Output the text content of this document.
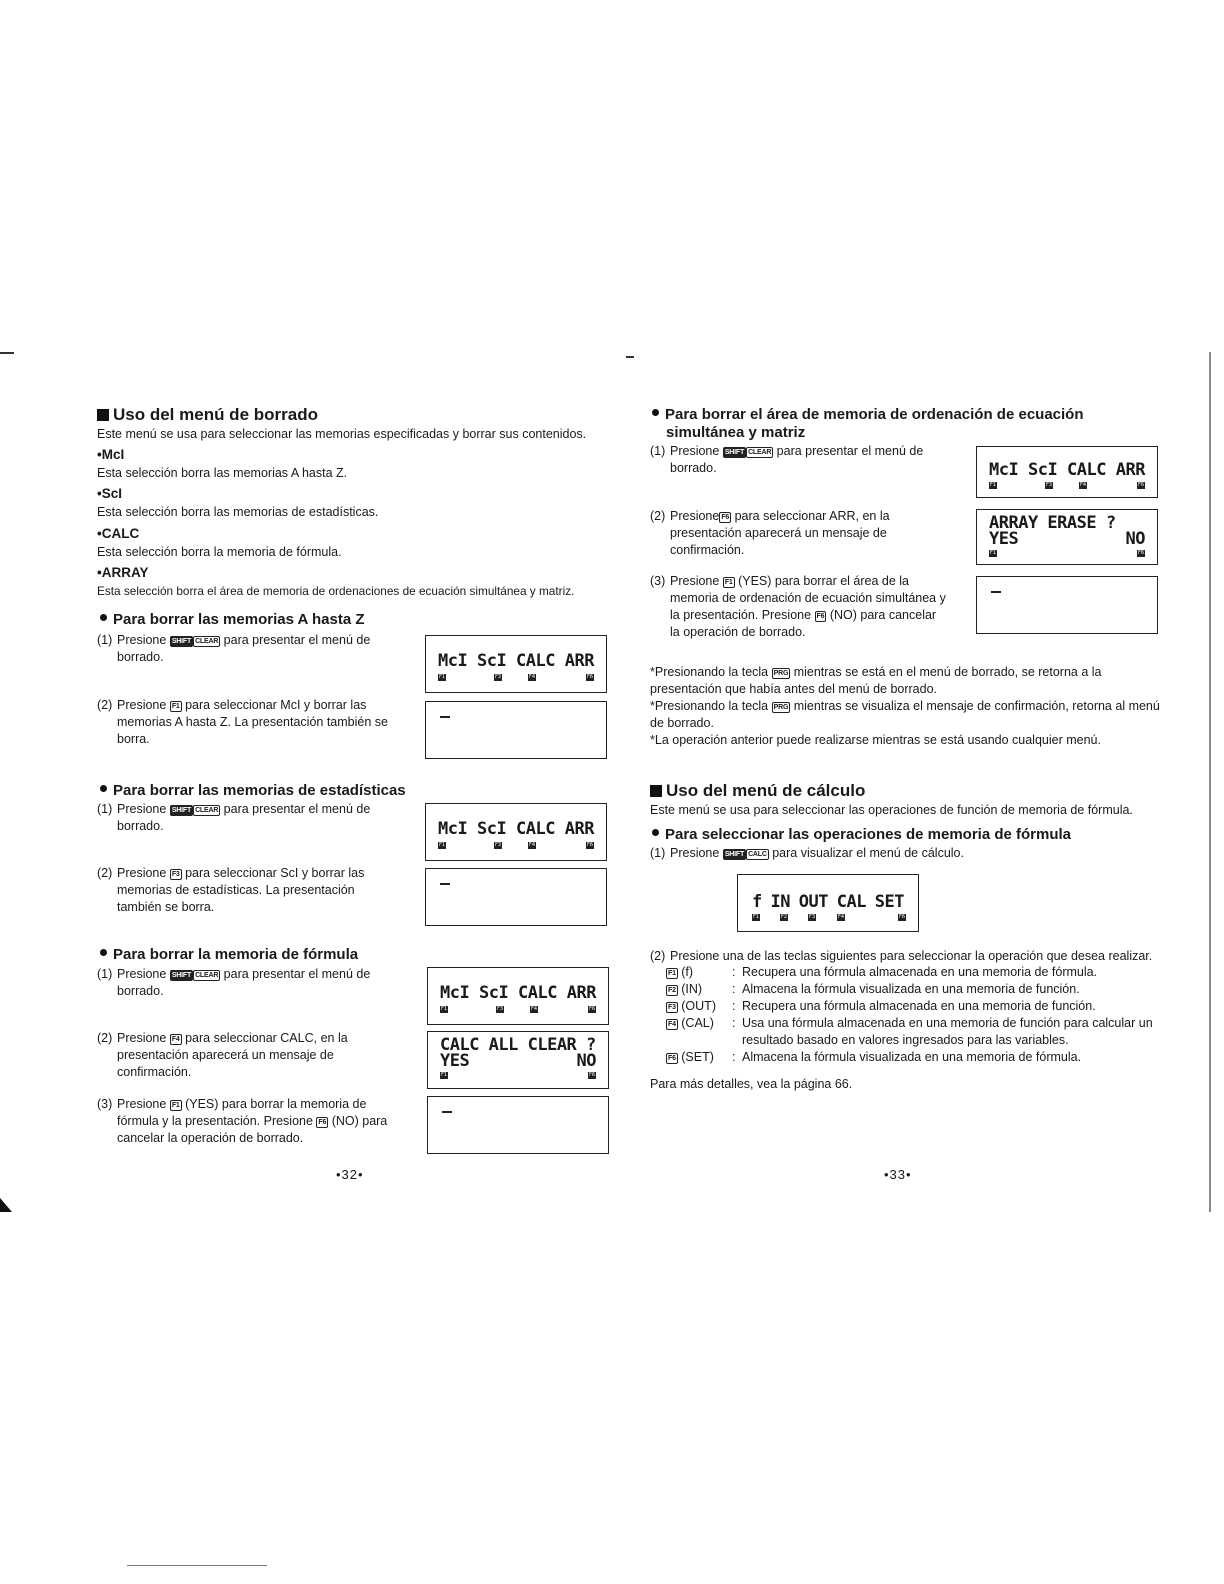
Uso del menú de borrado
Este menú se usa para seleccionar las memorias especificadas y borrar sus contenidos.
•McI
Esta selección borra las memorias A hasta Z.
•ScI
Esta selección borra las memorias de estadísticas.
•CALC
Esta selección borra la memoria de fórmula.
•ARRAY
Esta selección borra el área de memoria de ordenaciones de ecuación simultánea y matriz.
Para borrar las memorias A hasta Z
(1) Presione SHIFT CLEAR para presentar el menú de borrado.	McI ScI CALC ARR
F1	F3	F4	F6
(2) Presione F1 para seleccionar McI y borrar las memorias A hasta Z. La presentación también se borra.
Para borrar las memorias de estadísticas
(1) Presione SHIFT CLEAR para presentar el menú de borrado.	McI ScI CALC ARR
F1	F3	F4	F6
(2) Presione F3 para seleccionar ScI y borrar las memorias de estadísticas. La presentación también se borra.
Para borrar la memoria de fórmula
(1) Presione SHIFT CLEAR para presentar el menú de borrado.	McI ScI CALC ARR
F1	F3	F4	F6
(2) Presione F4 para seleccionar CALC, en la presentación aparecerá un mensaje de confirmación.
CALC ALL CLEAR ?
YES	NO
F1	F6
(3) Presione F1 (YES) para borrar la memoria de fórmula y la presentación. Presione F6 (NO) para cancelar la operación de borrado.
•32•
Para borrar el área de memoria de ordenación de ecuación
simultánea y matriz
(1) Presione SHIFT CLEAR para presentar el menú de borrado.	McI ScI CALC ARR
F1	F3	F4	F6
(2) Presione F6 para seleccionar ARR, en la presentación aparecerá un mensaje de confirmación.
ARRAY ERASE ?
YES	NO
F1	F6
(3) Presione F1 (YES) para borrar el área de la memoria de ordenación de ecuación simultánea y la presentación. Presione F6 (NO) para cancelar la operación de borrado.
*Presionando la tecla PRG mientras se está en el menú de borrado, se retorna a la presentación que había antes del menú de borrado.
*Presionando la tecla PRG mientras se visualiza el mensaje de confirmación, retorna al menú de borrado.
*La operación anterior puede realizarse mientras se está usando cualquier menú.
Uso del menú de cálculo
Este menú se usa para seleccionar las operaciones de función de memoria de fórmula.
Para seleccionar las operaciones de memoria de fórmula
(1) Presione SHIFT CALC para visualizar el menú de cálculo.
f IN OUT CAL SET
F1	F2	F3	F4	F6
(2) Presione una de las teclas siguientes para seleccionar la operación que desea realizar.
F1 (f)	: Recupera una fórmula almacenada en una memoria de fórmula.
F2 (IN)	: Almacena la fórmula visualizada en una memoria de función.
F3 (OUT)	: Recupera una fórmula almacenada en una memoria de función.
F4 (CAL)	: Usa una fórmula almacenada en una memoria de función para calcular un resultado basado en valores ingresados para las variables.
F6 (SET)	: Almacena la fórmula visualizada en una memoria de fórmula.
Para más detalles, vea la página 66.
•33•
